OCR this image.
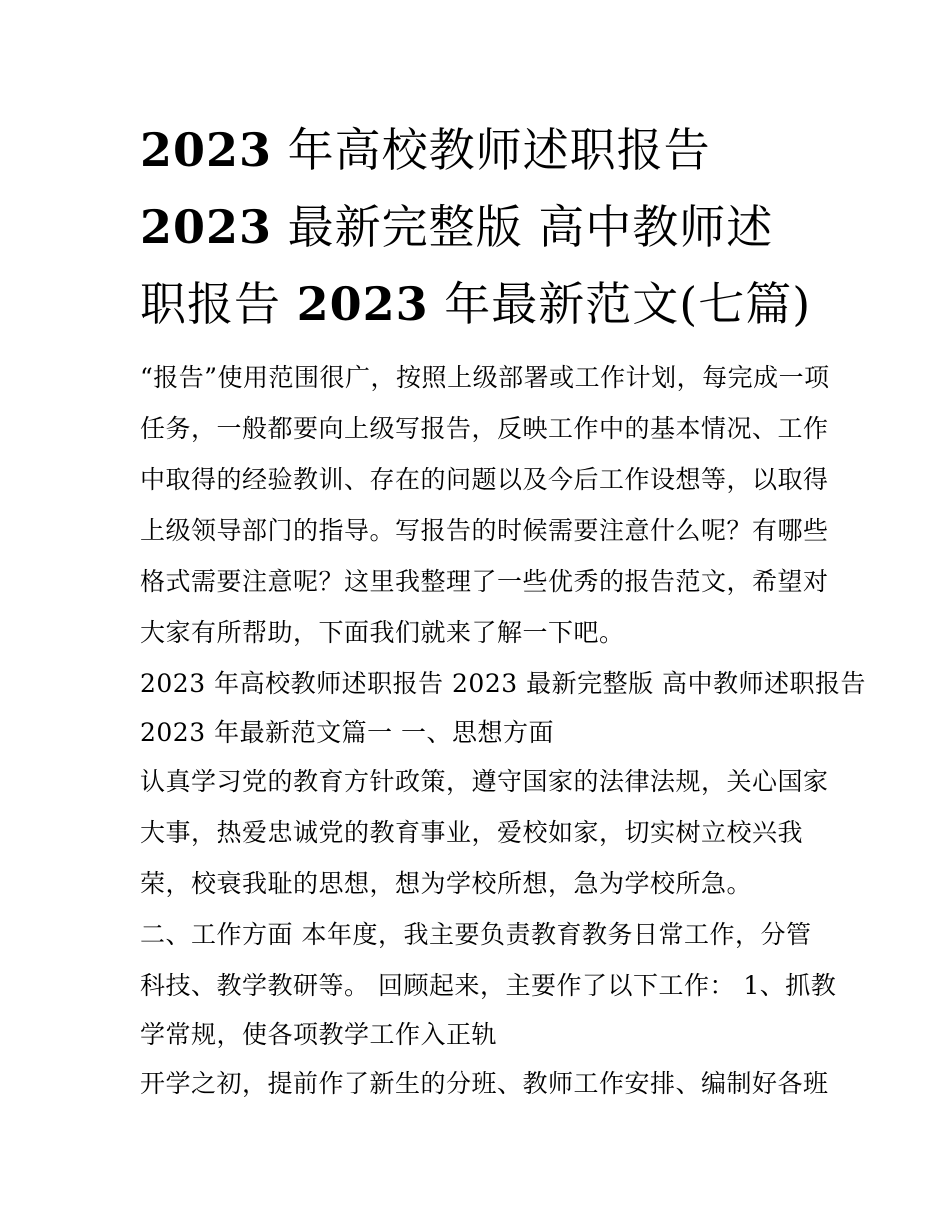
2023 年高校教师述职报告
2023 最新完整版 高中教师述
职报告 2023 年最新范文(七篇)
“报告”使用范围很广，按照上级部署或工作计划，每完成一项
任务，一般都要向上级写报告，反映工作中的基本情况、工作
中取得的经验教训、存在的问题以及今后工作设想等，以取得
上级领导部门的指导。写报告的时候需要注意什么呢？有哪些
格式需要注意呢？这里我整理了一些优秀的报告范文，希望对
大家有所帮助，下面我们就来了解一下吧。
2023 年高校教师述职报告 2023 最新完整版 高中教师述职报告
2023 年最新范文篇一 一、思想方面
认真学习党的教育方针政策，遵守国家的法律法规，关心国家
大事，热爱忠诚党的教育事业，爱校如家，切实树立校兴我
荣，校衰我耻的思想，想为学校所想，急为学校所急。
二、工作方面 本年度，我主要负责教育教务日常工作，分管
科技、教学教研等。 回顾起来，主要作了以下工作： 1、抓教
学常规，使各项教学工作入正轨
开学之初，提前作了新生的分班、教师工作安排、编制好各班
